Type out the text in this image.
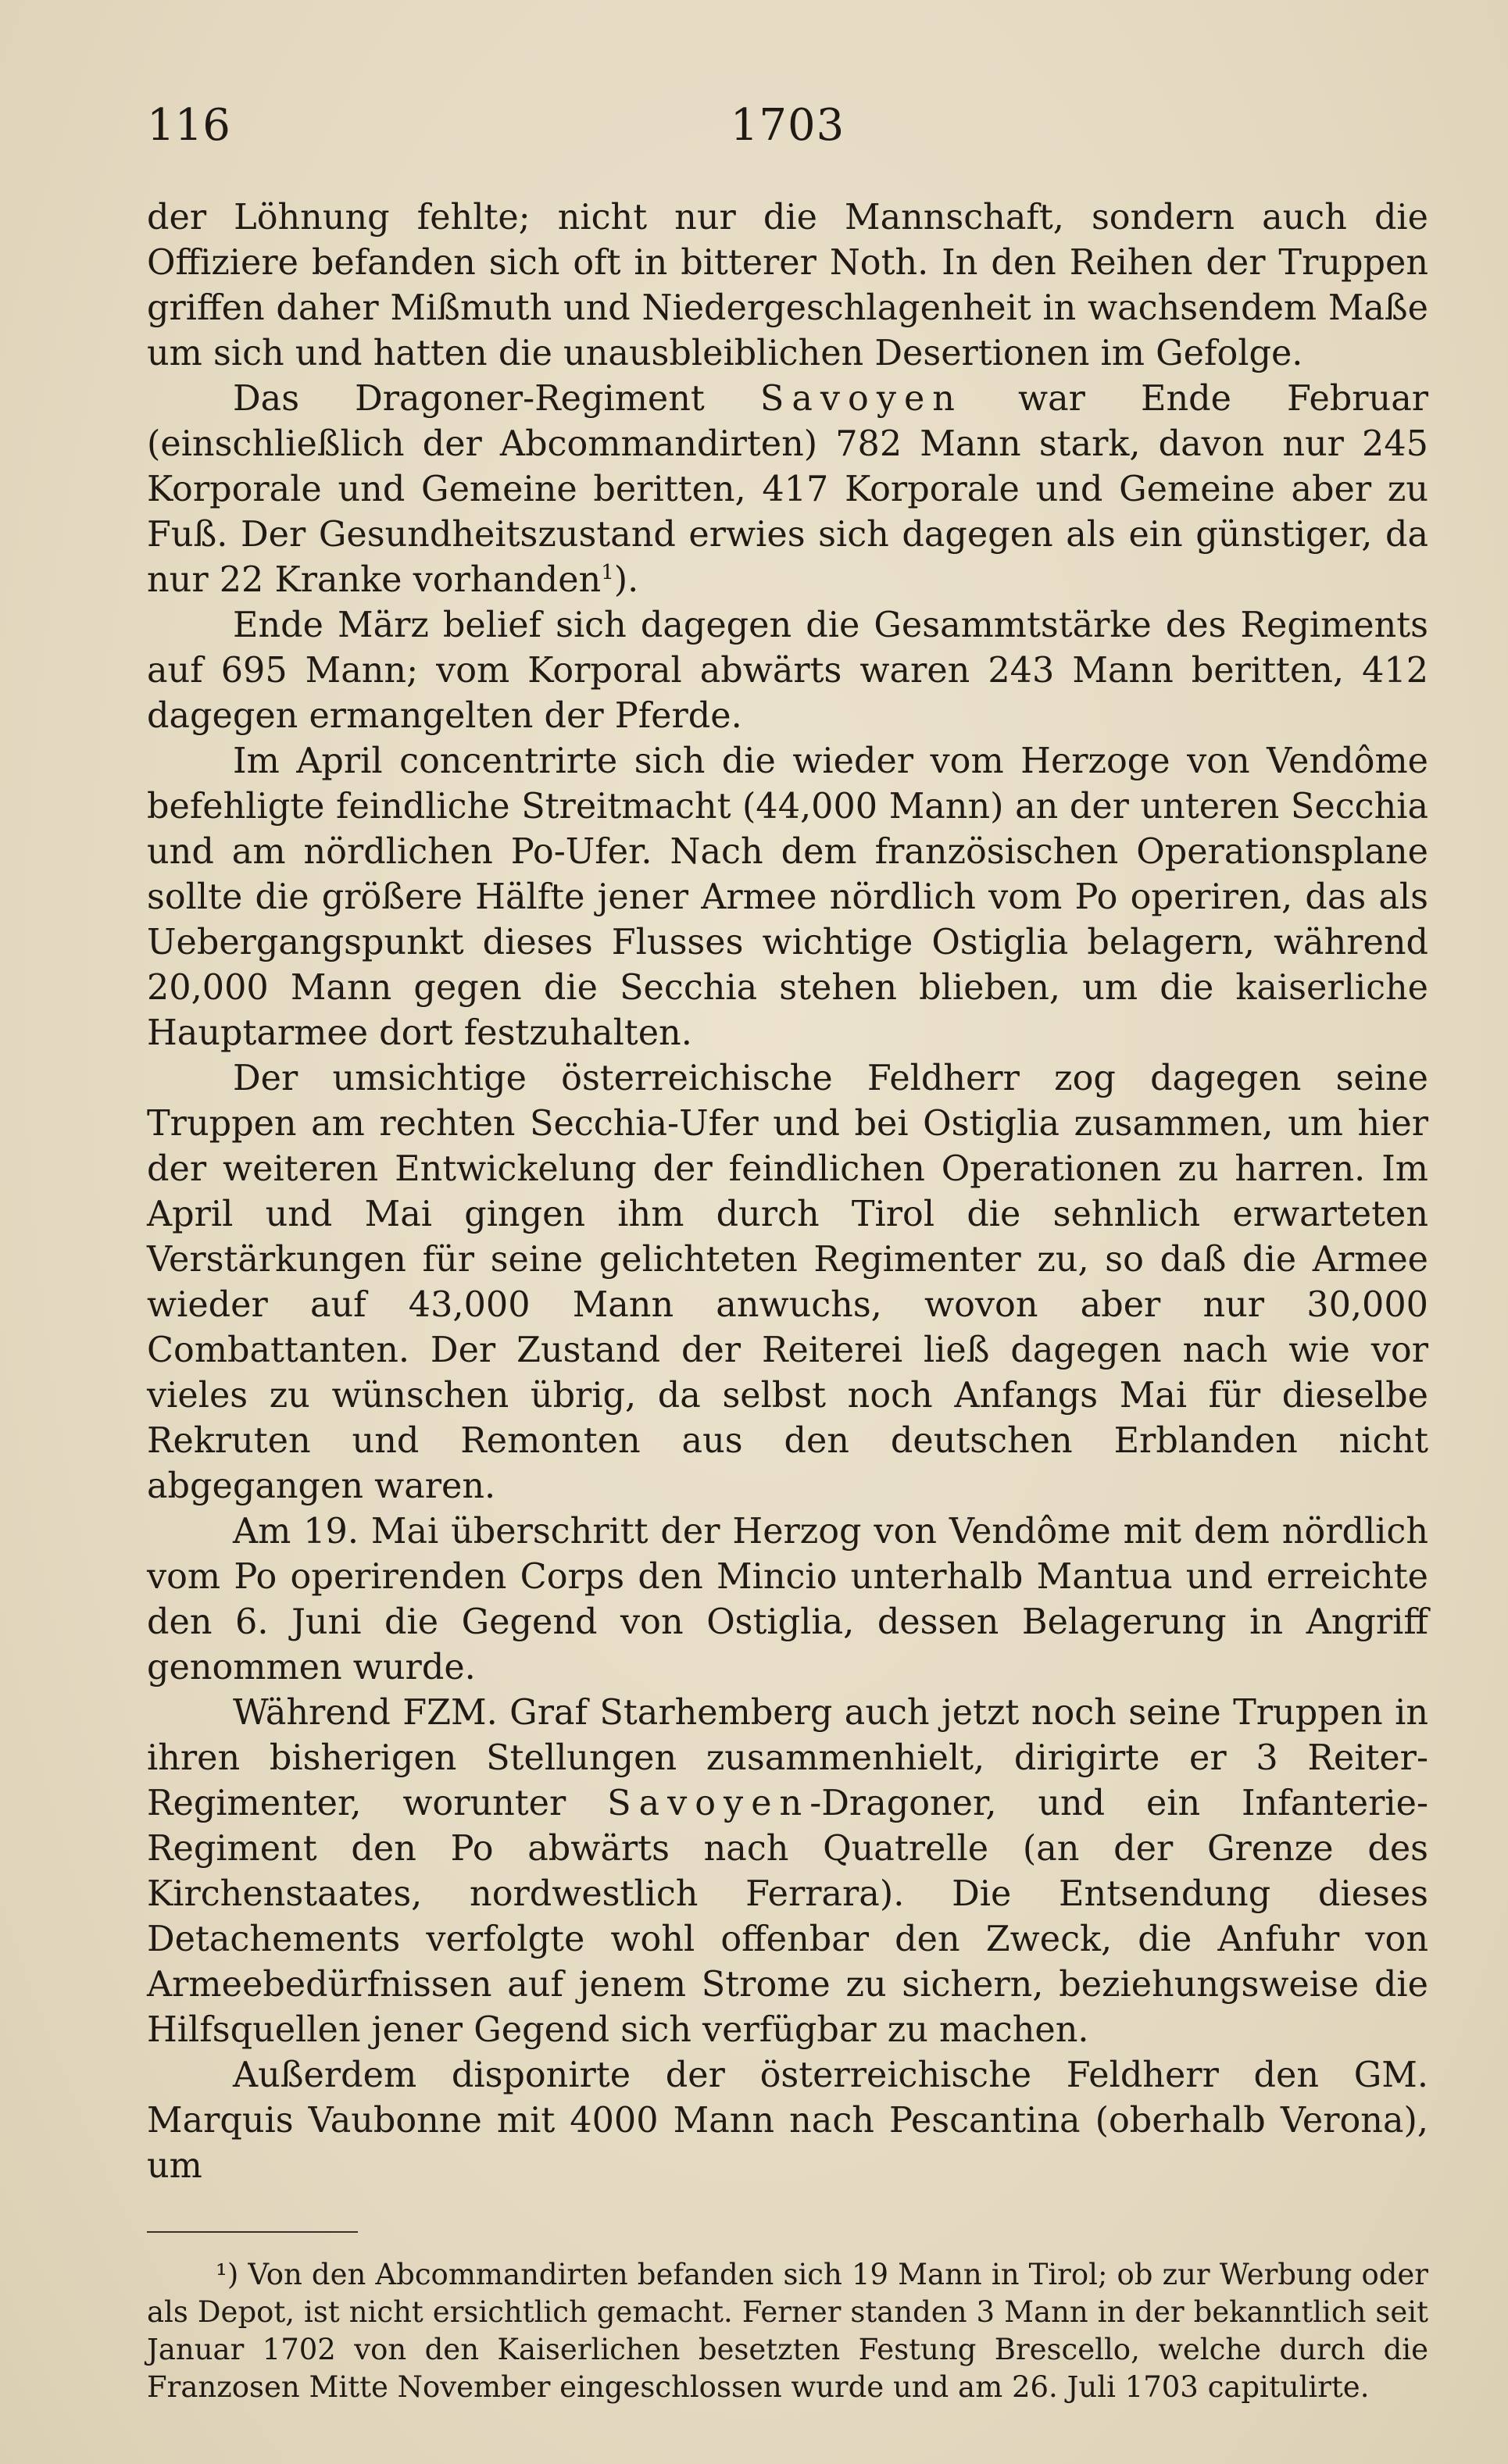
116	1703

der Löhnung fehlte; nicht nur die Mannschaft, sondern auch die Offiziere befanden sich oft in bitterer Noth. In den Reihen der Truppen griffen daher Mißmuth und Niedergeschlagenheit in wachsendem Maße um sich und hatten die unausbleiblichen Desertionen im Gefolge.

Das Dragoner-Regiment Savoyen war Ende Februar (einschließlich der Abcommandirten) 782 Mann stark, davon nur 245 Korporale und Gemeine beritten, 417 Korporale und Gemeine aber zu Fuß. Der Gesundheitszustand erwies sich dagegen als ein günstiger, da nur 22 Kranke vorhanden$^1$).

Ende März belief sich dagegen die Gesammtstärke des Regiments auf 695 Mann; vom Korporal abwärts waren 243 Mann beritten, 412 dagegen ermangelten der Pferde.

Im April concentrirte sich die wieder vom Herzoge von Vendôme befehligte feindliche Streitmacht (44,000 Mann) an der unteren Secchia und am nördlichen Po-Ufer. Nach dem französischen Operationsplane sollte die größere Hälfte jener Armee nördlich vom Po operiren, das als Uebergangspunkt dieses Flusses wichtige Ostiglia belagern, während 20,000 Mann gegen die Secchia stehen blieben, um die kaiserliche Hauptarmee dort festzuhalten.

Der umsichtige österreichische Feldherr zog dagegen seine Truppen am rechten Secchia-Ufer und bei Ostiglia zusammen, um hier der weiteren Entwickelung der feindlichen Operationen zu harren. Im April und Mai gingen ihm durch Tirol die sehnlich erwarteten Verstärkungen für seine gelichteten Regimenter zu, so daß die Armee wieder auf 43,000 Mann anwuchs, wovon aber nur 30,000 Combattanten. Der Zustand der Reiterei ließ dagegen nach wie vor vieles zu wünschen übrig, da selbst noch Anfangs Mai für dieselbe Rekruten und Remonten aus den deutschen Erblanden nicht abgegangen waren.

Am 19. Mai überschritt der Herzog von Vendôme mit dem nördlich vom Po operirenden Corps den Mincio unterhalb Mantua und erreichte den 6. Juni die Gegend von Ostiglia, dessen Belagerung in Angriff genommen wurde.

Während FZM. Graf Starhemberg auch jetzt noch seine Truppen in ihren bisherigen Stellungen zusammenhielt, dirigirte er 3 Reiter-Regimenter, worunter Savoyen-Dragoner, und ein Infanterie-Regiment den Po abwärts nach Quatrelle (an der Grenze des Kirchenstaates, nordwestlich Ferrara). Die Entsendung dieses Detachements verfolgte wohl offenbar den Zweck, die Anfuhr von Armeebedürfnissen auf jenem Strome zu sichern, beziehungsweise die Hilfsquellen jener Gegend sich verfügbar zu machen.

Außerdem disponirte der österreichische Feldherr den GM. Marquis Vaubonne mit 4000 Mann nach Pescantina (oberhalb Verona), um

¹) Von den Abcommandirten befanden sich 19 Mann in Tirol; ob zur Werbung oder als Depot, ist nicht ersichtlich gemacht. Ferner standen 3 Mann in der bekanntlich seit Januar 1702 von den Kaiserlichen besetzten Festung Brescello, welche durch die Franzosen Mitte November eingeschlossen wurde und am 26. Juli 1703 capitulirte.
